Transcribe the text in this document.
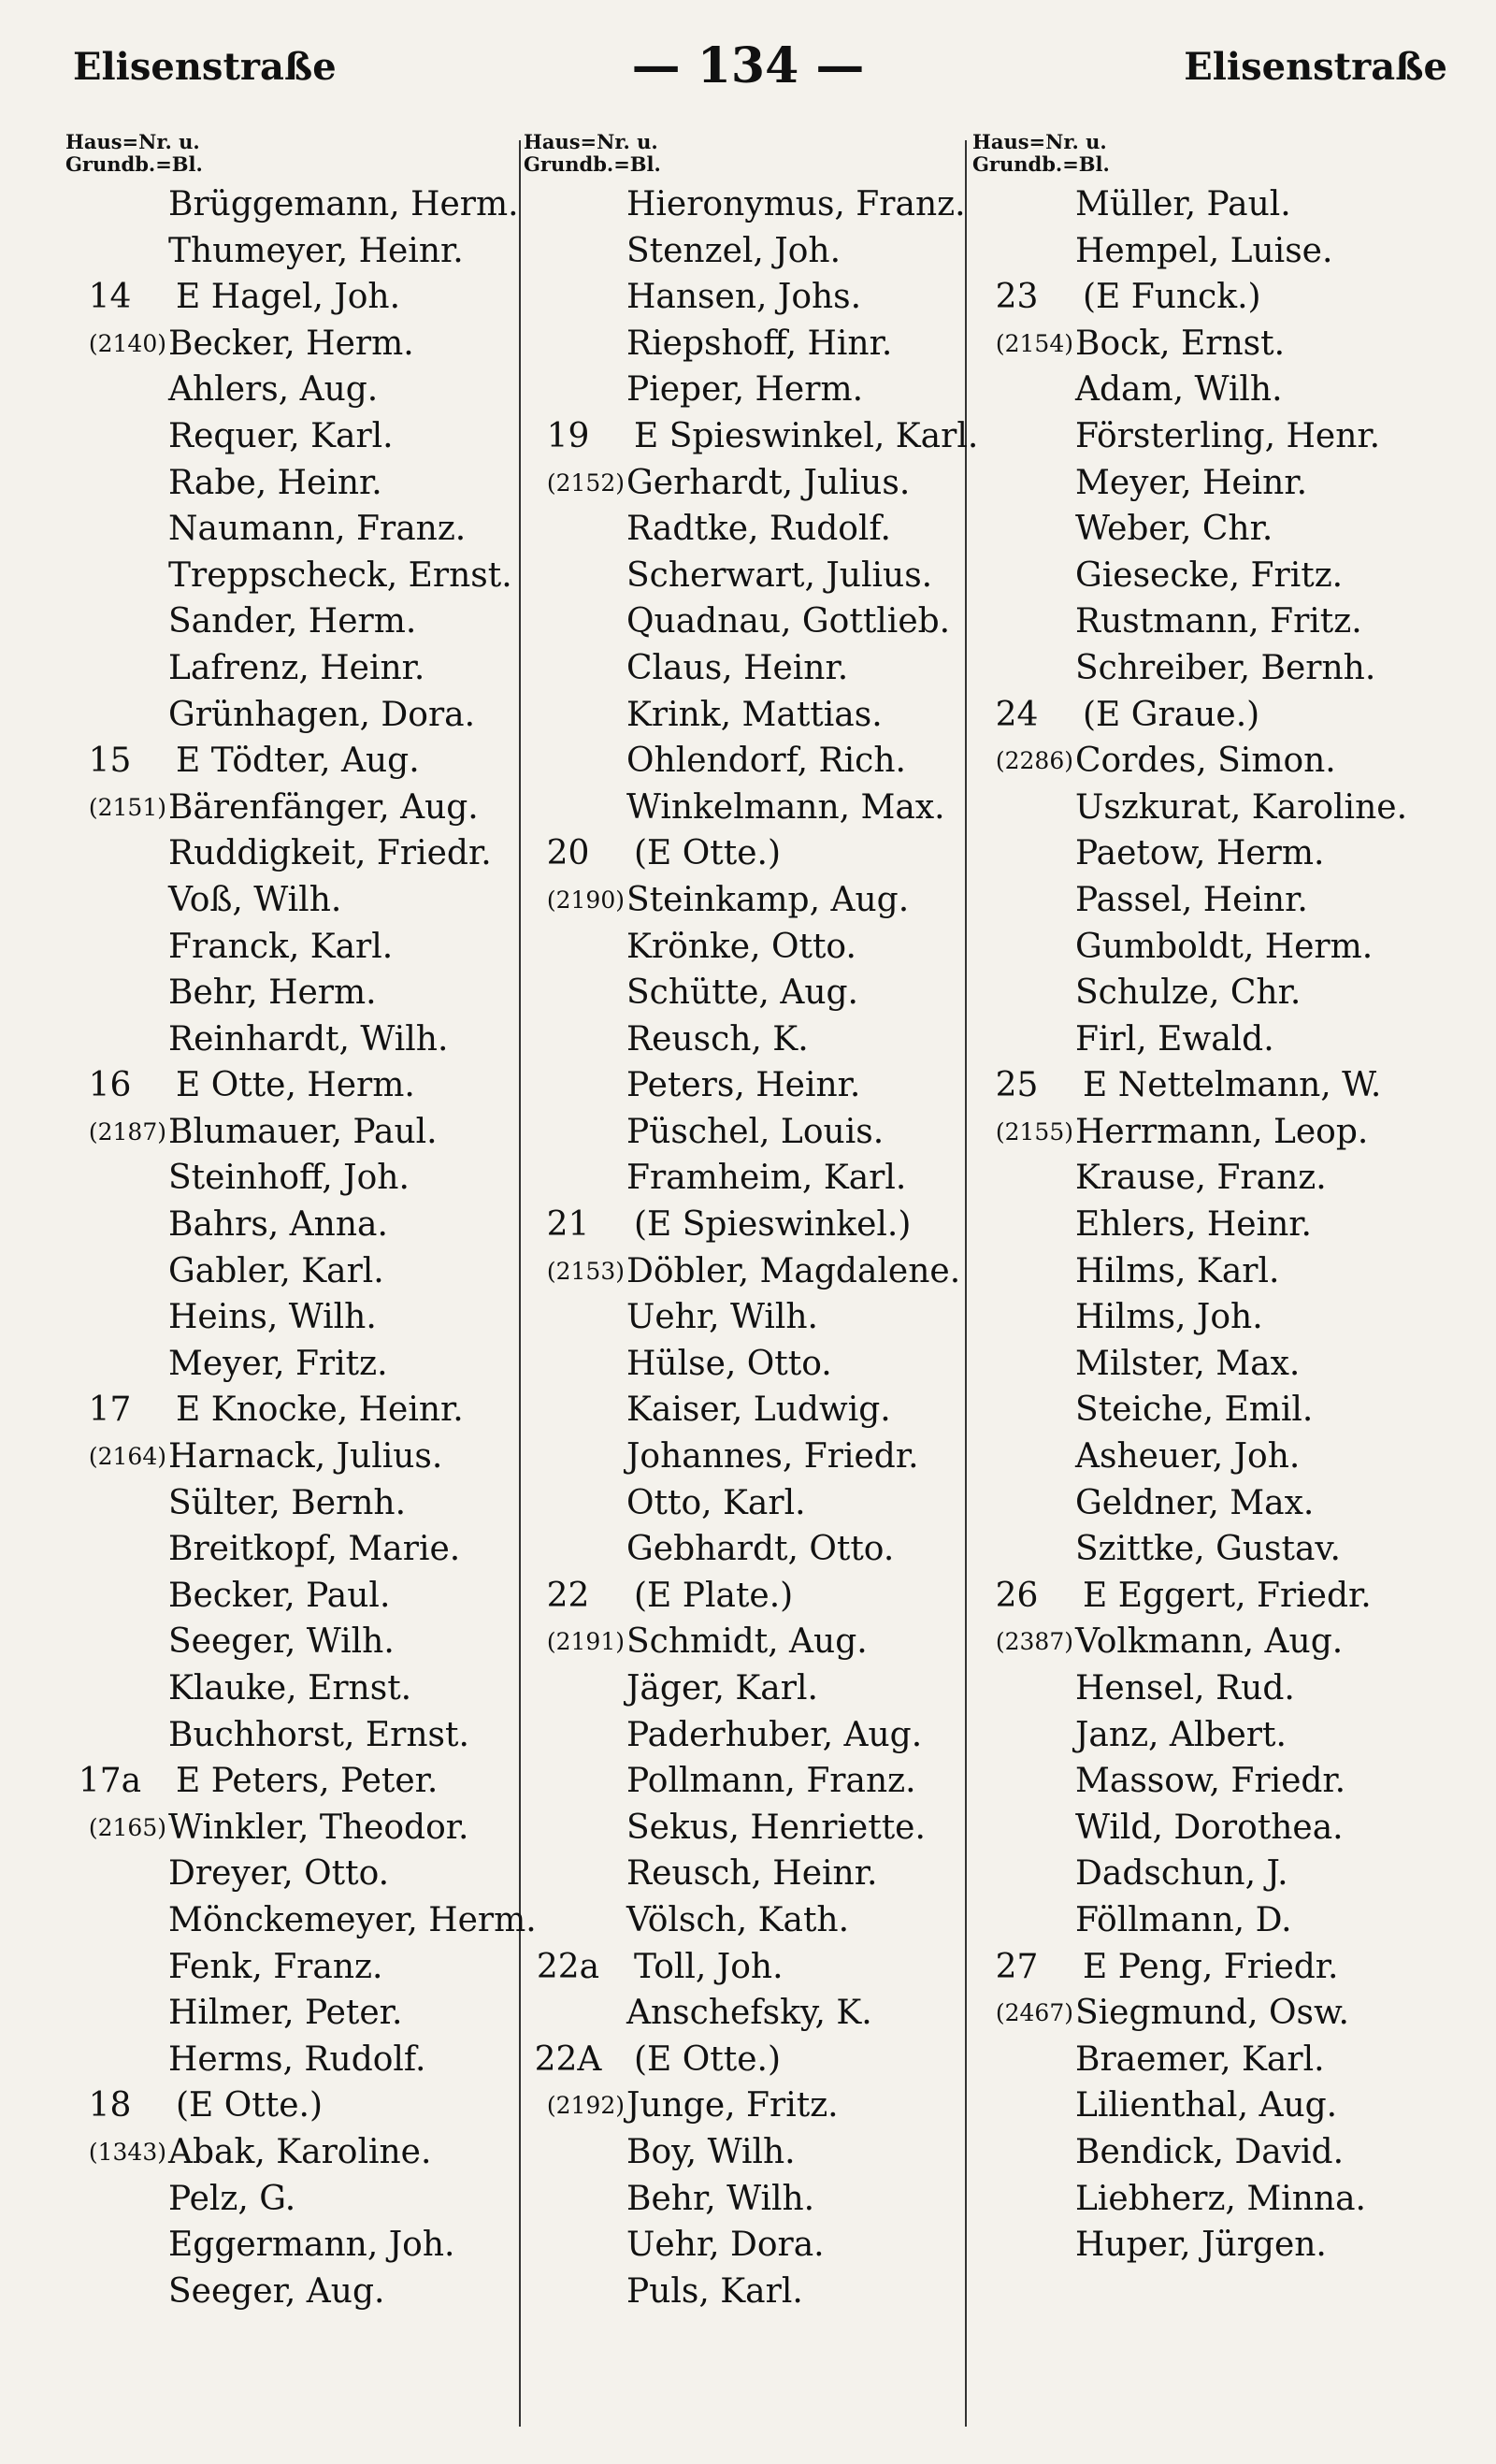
Elisenstraße	— 134 —	Elisenstraße
Haus=Nr. u.
Grundb.=Bl.
Brüggemann, Herm.
Thumeyer, Heinr.
14	E Hagel, Joh.
(2140) Becker, Herm.
Ahlers, Aug.
Requer, Karl.
Rabe, Heinr.
Naumann, Franz.
Treppscheck, Ernst.
Sander, Herm.
Lafrenz, Heinr.
Grünhagen, Dora.
15	E Tödter, Aug.
(2151) Bärenfänger, Aug.
Ruddigkeit, Friedr.
Voß, Wilh.
Franck, Karl.
Behr, Herm.
Reinhardt, Wilh.
16	E Otte, Herm.
(2187) Blumauer, Paul.
Steinhoff, Joh.
Bahrs, Anna.
Gabler, Karl.
Heins, Wilh.
Meyer, Fritz.
17	E Knocke, Heinr.
(2164) Harnack, Julius.
Sülter, Bernh.
Breitkopf, Marie.
Becker, Paul.
Seeger, Wilh.
Klauke, Ernst.
Buchhorst, Ernst.
17a	E Peters, Peter.
(2165) Winkler, Theodor.
Dreyer, Otto.
Mönckemeyer, Herm.
Fenk, Franz.
Hilmer, Peter.
Herms, Rudolf.
18	(E Otte.)
(1343) Abak, Karoline.
Pelz, G.
Eggermann, Joh.
Seeger, Aug.
Haus=Nr. u.
Grundb.=Bl.
Hieronymus, Franz.
Stenzel, Joh.
Hansen, Johs.
Riepshoff, Hinr.
Pieper, Herm.
19	E Spieswinkel, Karl.
(2152) Gerhardt, Julius.
Radtke, Rudolf.
Scherwart, Julius.
Quadnau, Gottlieb.
Claus, Heinr.
Krink, Mattias.
Ohlendorf, Rich.
Winkelmann, Max.
20	(E Otte.)
(2190) Steinkamp, Aug.
Krönke, Otto.
Schütte, Aug.
Reusch, K.
Peters, Heinr.
Püschel, Louis.
Framheim, Karl.
21	(E Spieswinkel.)
(2153) Döbler, Magdalene.
Uehr, Wilh.
Hülse, Otto.
Kaiser, Ludwig.
Johannes, Friedr.
Otto, Karl.
Gebhardt, Otto.
22	(E Plate.)
(2191) Schmidt, Aug.
Jäger, Karl.
Paderhuber, Aug.
Pollmann, Franz.
Sekus, Henriette.
Reusch, Heinr.
Völsch, Kath.
22a	Toll, Joh.
Anschefsky, K.
22A (E Otte.)
(2192) Junge, Fritz.
Boy, Wilh.
Behr, Wilh.
Uehr, Dora.
Puls, Karl.
Haus=Nr. u.
Grundb.=Bl.
Müller, Paul.
Hempel, Luise.
23	(E Funck.)
(2154) Bock, Ernst.
Adam, Wilh.
Försterling, Henr.
Meyer, Heinr.
Weber, Chr.
Giesecke, Fritz.
Rustmann, Fritz.
Schreiber, Bernh.
24	(E Graue.)
(2286) Cordes, Simon.
Uszkurat, Karoline.
Paetow, Herm.
Passel, Heinr.
Gumboldt, Herm.
Schulze, Chr.
Firl, Ewald.
25	E Nettelmann, W.
(2155) Herrmann, Leop.
Krause, Franz.
Ehlers, Heinr.
Hilms, Karl.
Hilms, Joh.
Milster, Max.
Steiche, Emil.
Asheuer, Joh.
Geldner, Max.
Szittke, Gustav.
26	E Eggert, Friedr.
(2387) Volkmann, Aug.
Hensel, Rud.
Janz, Albert.
Massow, Friedr.
Wild, Dorothea.
Dadschun, J.
Föllmann, D.
27	E Peng, Friedr.
(2467) Siegmund, Osw.
Braemer, Karl.
Lilienthal, Aug.
Bendick, David.
Liebherz, Minna.
Huper, Jürgen.
